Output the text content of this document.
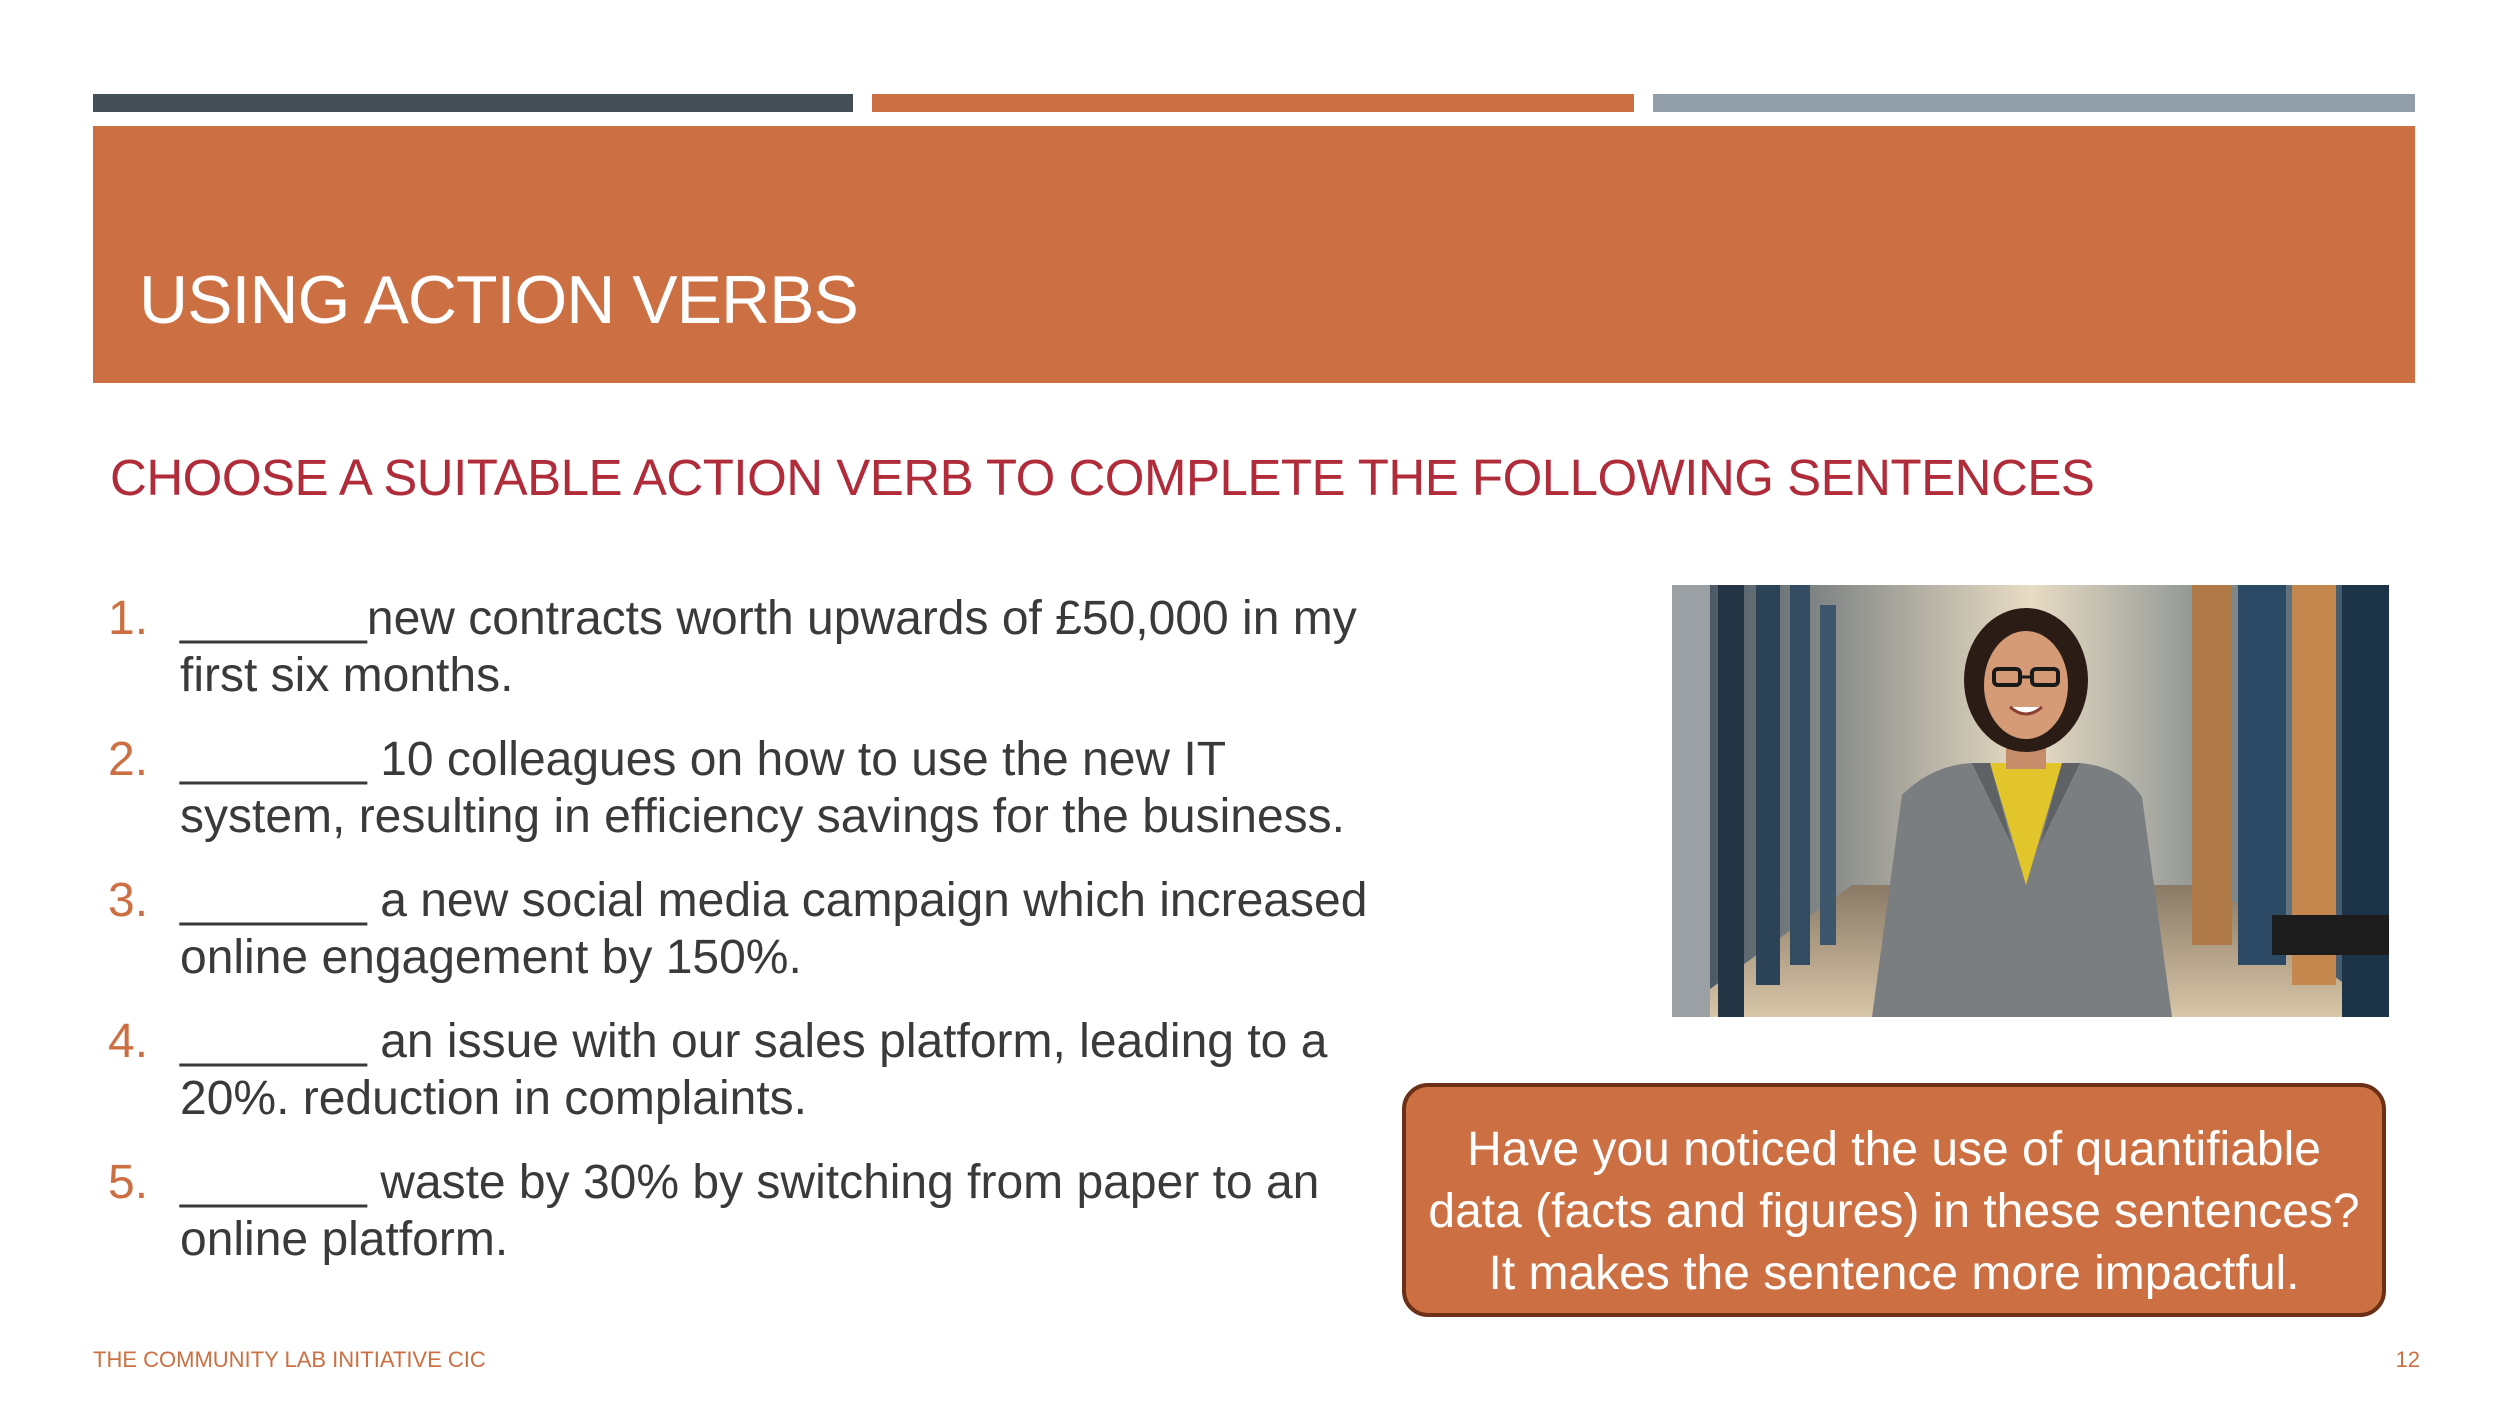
USING ACTION VERBS
CHOOSE A SUITABLE ACTION VERB TO COMPLETE THE FOLLOWING SENTENCES
1. _______new contracts worth upwards of £50,000 in my first six months.
2. _______ 10 colleagues on how to use the new IT system, resulting in efficiency savings for the business.
3. _______ a new social media campaign which increased online engagement by 150%.
4. _______ an issue with our sales platform, leading to a 20%. reduction in complaints.
5. _______ waste by 30% by switching from paper to an online platform.
Have you noticed the use of quantifiable
data (facts and figures) in these sentences?
It makes the sentence more impactful.
THE COMMUNITY LAB INITIATIVE CIC	12
